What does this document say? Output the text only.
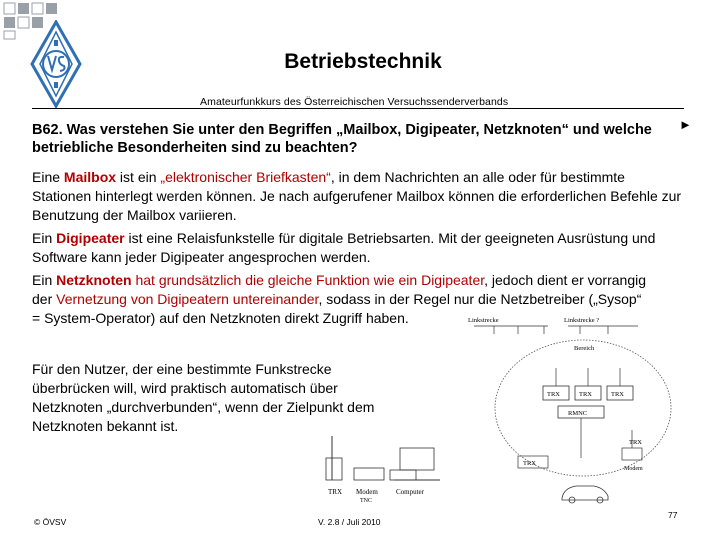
Betriebstechnik
Amateurfunkkurs des Österreichischen Versuchssenderverbands
B62. Was verstehen Sie unter den Begriffen „Mailbox, Digipeater, Netzknoten“ und welche betriebliche Besonderheiten sind zu beachten?
►
Eine Mailbox ist ein „elektronischer Briefkasten“, in dem Nachrichten an alle oder für bestimmte Stationen hinterlegt werden können. Je nach aufgerufener Mailbox können die erforderlichen Befehle zur Benutzung der Mailbox variieren.
Ein Digipeater ist eine Relaisfunkstelle für digitale Betriebsarten. Mit der geeigneten Ausrüstung und Software kann jeder Digipeater angesprochen werden.
Ein Netzknoten hat grundsätzlich die gleiche Funktion wie ein Digipeater, jedoch dient er vorrangig der Vernetzung von Digipeatern untereinander, sodass in der Regel nur die Netzbetreiber („Sysop“ = System-Operator) auf den Netzknoten direkt Zugriff haben.
Für den Nutzer, der eine bestimmte Funkstrecke überbrücken will, wird praktisch automatisch über Netzknoten „durchverbunden“, wenn der Zielpunkt dem Netzknoten bekannt ist.
Linkstrecke	Linkstrecke ?
Bereich
TRX	TRX	TRX
RMNC
TRX
TRX
Modem
TRX Modem
TNC
Computer
© ÖVSV	V. 2.8 / Juli 2010
77
